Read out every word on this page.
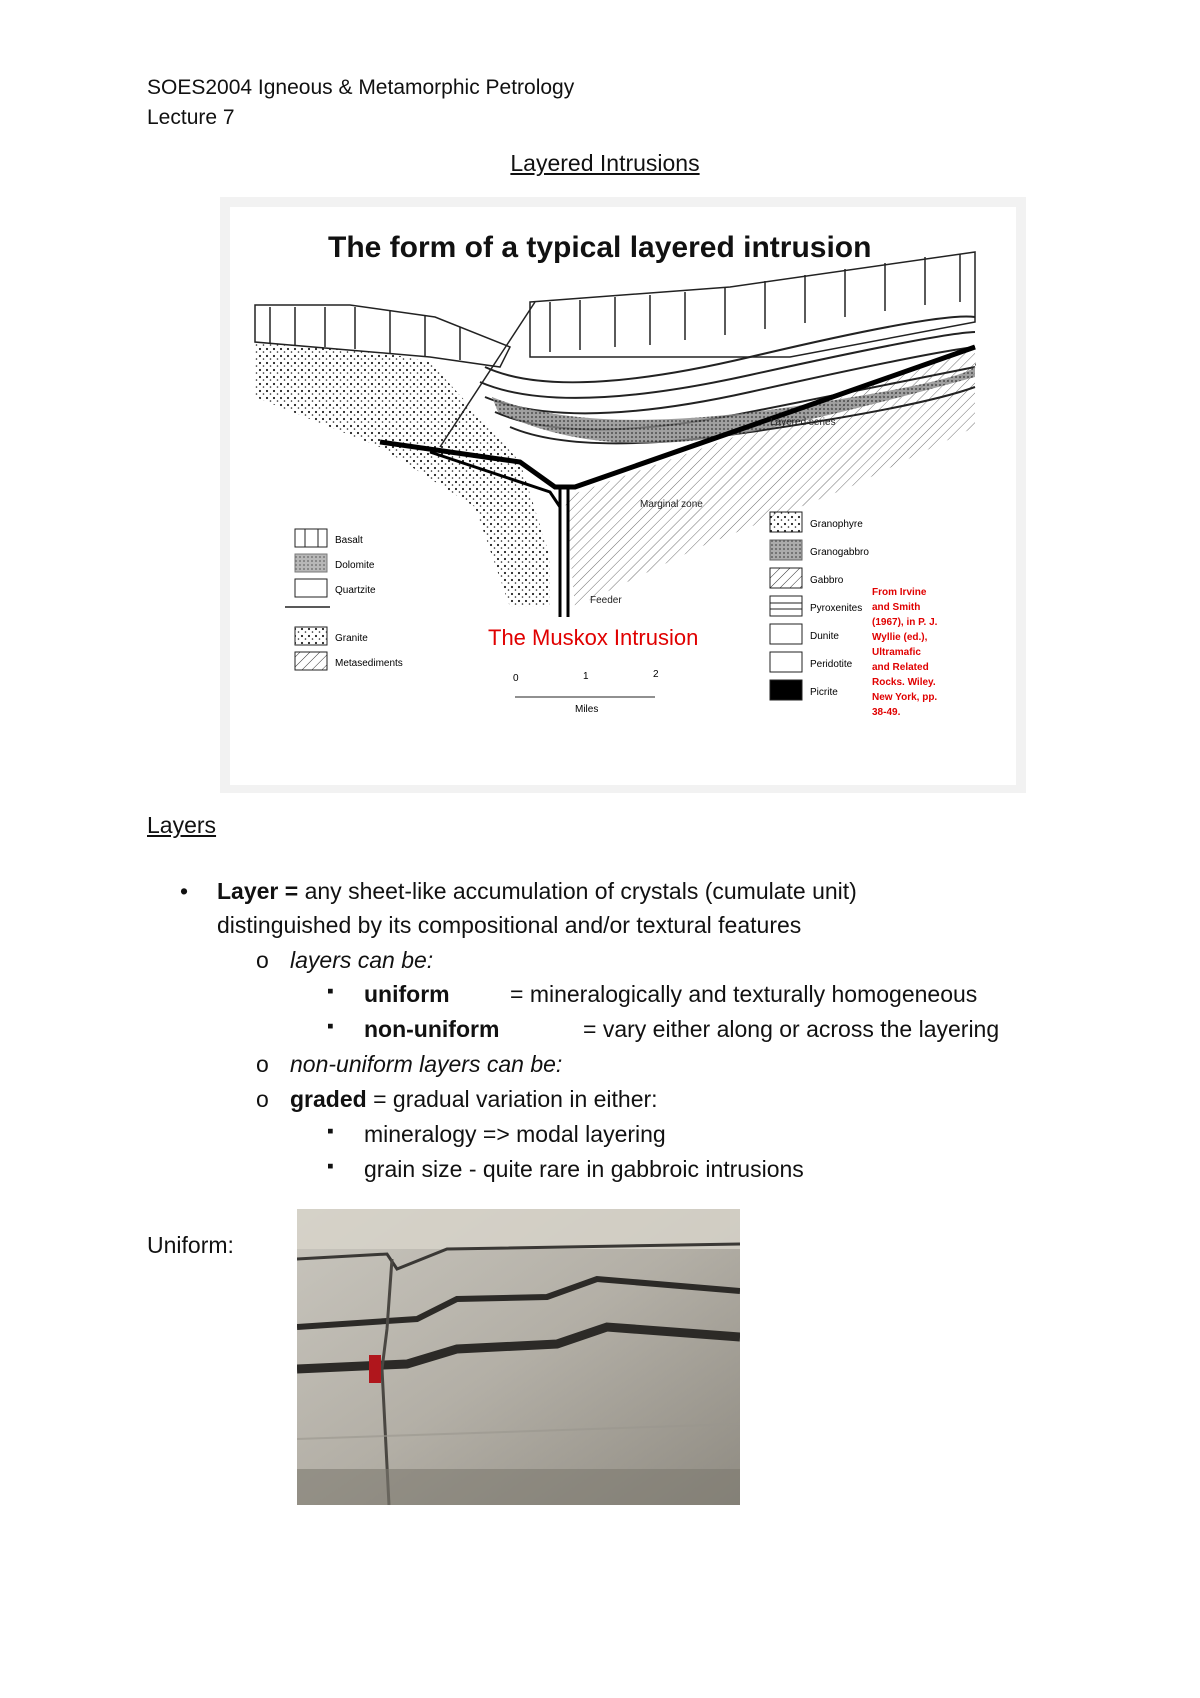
SOES2004 Igneous & Metamorphic Petrology
Lecture 7
Layered Intrusions
The form of a typical layered intrusion
Layered series
Marginal zone
Feeder
Basalt
Dolomite
Quartzite
Granite
Metasediments
The Muskox Intrusion
0	1	2
Miles
Granophyre
Granogabbro
Gabbro
Pyroxenites
Dunite
Peridotite
Picrite
From Irvine
and Smith
(1967), in P. J.
Wyllie (ed.),
Ultramafic
and Related
Rocks. Wiley.
New York, pp.
38-49.
Layers
• Layer = any sheet-like accumulation of crystals (cumulate unit)
distinguished by its compositional and/or textural features
o layers can be:
▪ uniform	= mineralogically and texturally homogeneous
▪ non-uniform	= vary either along or across the layering
o non-uniform layers can be:
o graded = gradual variation in either:
▪ mineralogy => modal layering
▪ grain size - quite rare in gabbroic intrusions
Uniform:
